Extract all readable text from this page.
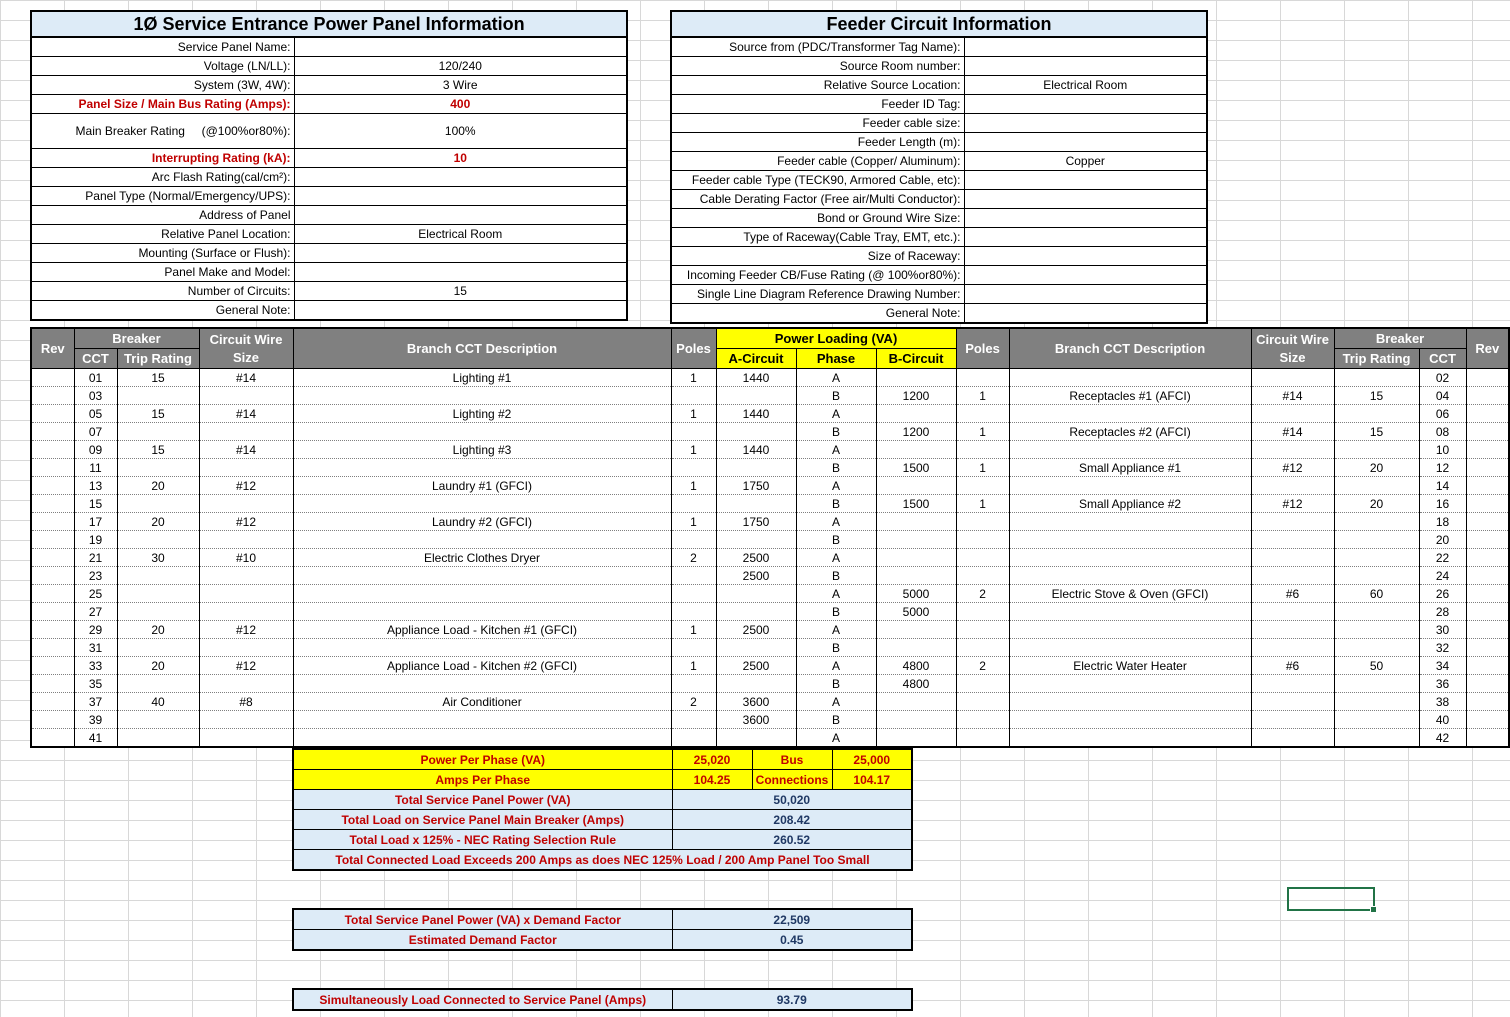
1Ø Service Entrance Power Panel Information	
Service Panel Name:	
Voltage (LN/LL):	120/240
System (3W, 4W):	3 Wire
Panel Size / Main Bus Rating (Amps):	400
Main Breaker Rating     (@100%or80%):	100%
Interrupting Rating (kA):	10
Arc Flash Rating(cal/cm²):	
Panel Type (Normal/Emergency/UPS):	
Address of Panel	
Relative Panel Location:	Electrical Room
Mounting (Surface or Flush):	
Panel Make and Model:	
Number of Circuits:	15
General Note:	
Feeder Circuit Information	
Source from (PDC/Transformer Tag Name):	
Source Room number:	
Relative Source Location:	Electrical Room
Feeder ID Tag:	
Feeder cable size:	
Feeder Length (m):	
Feeder cable (Copper/ Aluminum):	Copper
Feeder cable Type (TECK90, Armored Cable, etc):	
Cable Derating Factor (Free air/Multi Conductor):	
Bond or Ground Wire Size:	
Type of Raceway(Cable Tray, EMT, etc.):	
Size of Raceway:	
Incoming Feeder CB/Fuse Rating (@ 100%or80%):	
Single Line Diagram Reference Drawing Number:	
General Note:	
Rev	Breaker		Circuit Wire Size	Branch CCT Description	Poles	Power Loading (VA)			Poles	Branch CCT Description	Circuit Wire Size	Breaker		Rev
	CCT	Trip Rating				A-Circuit	Phase	B-Circuit				Trip Rating	CCT	
	01	15	#14	Lighting #1	1	1440	A						02	
	03						B	1200	1	Receptacles #1 (AFCI)	#14	15	04	
	05	15	#14	Lighting #2	1	1440	A						06	
	07						B	1200	1	Receptacles #2 (AFCI)	#14	15	08	
	09	15	#14	Lighting #3	1	1440	A						10	
	11						B	1500	1	Small Appliance #1	#12	20	12	
	13	20	#12	Laundry #1 (GFCI)	1	1750	A						14	
	15						B	1500	1	Small Appliance #2	#12	20	16	
	17	20	#12	Laundry #2 (GFCI)	1	1750	A						18	
	19						B						20	
	21	30	#10	Electric Clothes Dryer	2	2500	A						22	
	23					2500	B						24	
	25						A	5000	2	Electric Stove & Oven (GFCI)	#6	60	26	
	27						B	5000					28	
	29	20	#12	Appliance Load - Kitchen #1 (GFCI)	1	2500	A						30	
	31						B						32	
	33	20	#12	Appliance Load - Kitchen #2 (GFCI)	1	2500	A	4800	2	Electric Water Heater	#6	50	34	
	35						B	4800					36	
	37	40	#8	Air Conditioner	2	3600	A						38	
	39					3600	B						40	
	41						A						42	
Power Per Phase (VA)	25,020	Bus	25,000
Amps Per Phase	104.25	Connections	104.17
Total Service Panel Power (VA)	50,020		
Total Load on Service Panel Main Breaker (Amps)	208.42		
Total Load x 125% - NEC Rating Selection Rule	260.52		
Total Connected Load Exceeds 200 Amps as does NEC 125% Load / 200 Amp Panel Too Small			
Total Service Panel Power (VA) x Demand Factor	22,509
Estimated Demand Factor	0.45
Simultaneously Load Connected to Service Panel (Amps)	93.79
